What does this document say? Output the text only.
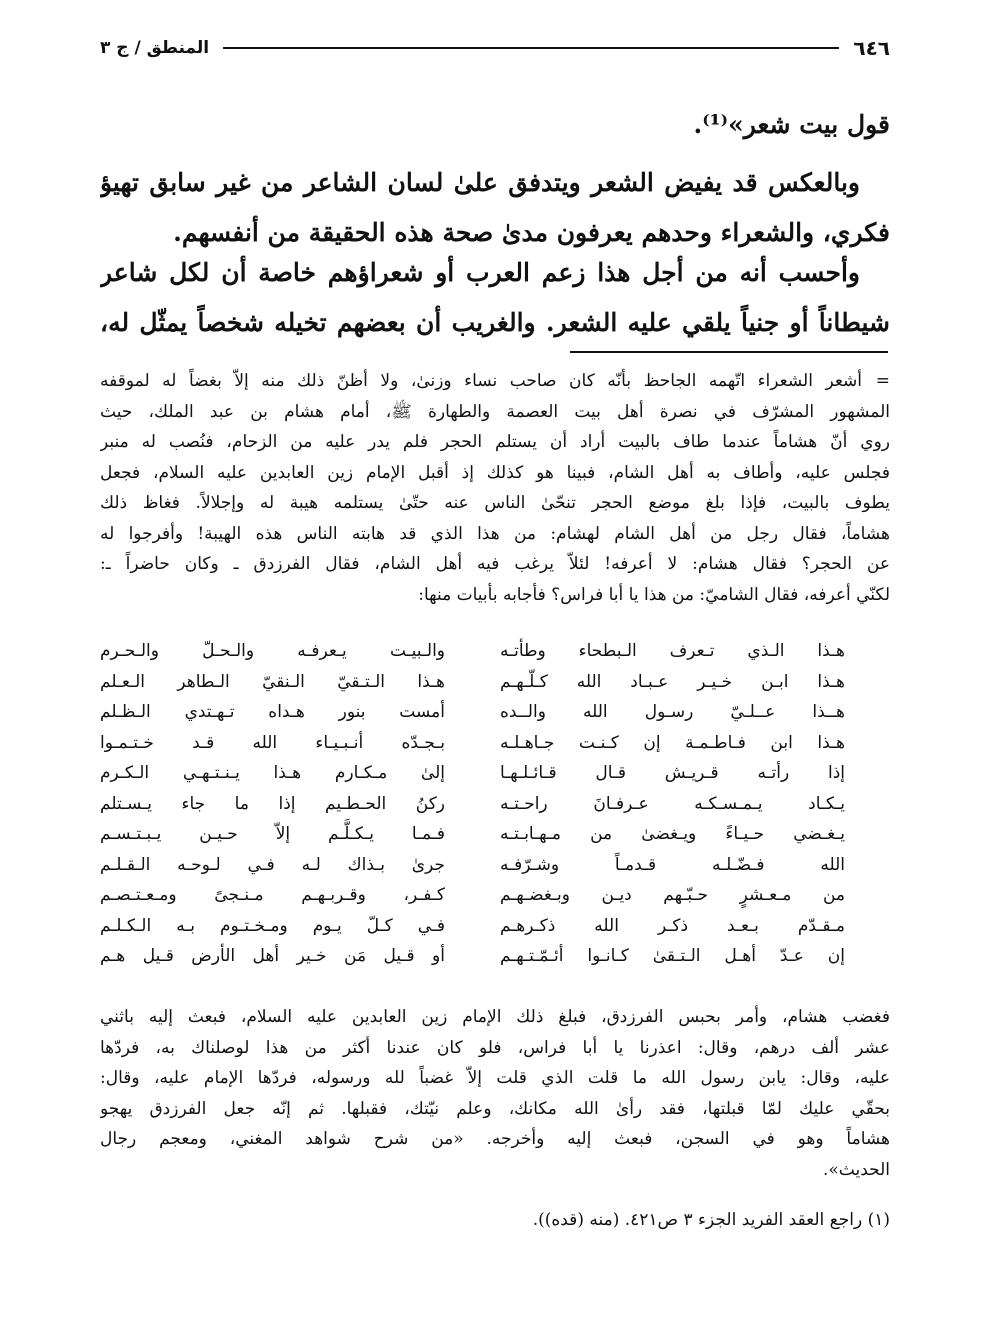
٦٤٦
المنطق / ج ٣
قول بيت شعر»⁽¹⁾.
وبالعكس قد يفيض الشعر ويتدفق علىٰ لسان الشاعر من غير سابق تهيؤ
فكري، والشعراء وحدهم يعرفون مدىٰ صحة هذه الحقيقة من أنفسهم.
وأحسب أنه من أجل هذا زعم العرب أو شعراؤهم خاصة أن لكل شاعر
شيطاناً أو جنياً يلقي عليه الشعر. والغريب أن بعضهم تخيله شخصاً يمثّل له،
=أشعر الشعراء اتّهمه الجاحظ بأنّه كان صاحب نساء وزنىٰ، ولا أظنّ ذلك منه إلاّ بغضاً له لموقفه
المشهور المشرّف في نصرة أهل بيت العصمة والطهارة ﷺ، أمام هشام بن عبد الملك، حيث
روي أنّ هشاماً عندما طاف بالبيت أراد أن يستلم الحجر فلم يدر عليه من الزحام، فنُصب له منبر
فجلس عليه، وأطاف به أهل الشام، فبينا هو كذلك إذ أقبل الإمام زين العابدين عليه السلام، فجعل
يطوف بالبيت، فإذا بلغ موضع الحجر تنحّىٰ الناس عنه حتّىٰ يستلمه هيبة له وإجلالاً. فغاظ ذلك
هشاماً، فقال رجل من أهل الشام لهشام: من هذا الذي قد هابته الناس هذه الهيبة! وأفرجوا له
عن الحجر؟ فقال هشام: لا أعرفه! لئلاّ يرغب فيه أهل الشام، فقال الفرزدق ـ وكان حاضراً ـ:
لكنّي أعرفه، فقال الشاميّ: من هذا يا أبا فراس؟ فأجابه بأبيات منها:
هـذا الـذي تـعرف الـبطحاء وطأتـه
والـبيـت يـعرفـه والـحـلّ والـحـرم
هـذا ابـن خـيـر عـبـاد الله كـلّـهـم
هـذا الـتـقيّ الـنقيّ الـطاهر الـعـلم
هــذا عــلـيّ رسـول الله والــده
أمست بنور هـداه تـهـتدي الـظـلم
هـذا ابن فـاطـمـة إن كـنـت جـاهـلـه
بـجـدّه أنـبـيـاء الله قـد خـتـمـوا
إذا رأتـه قـريـش قـال قـائـلـهـا
إلىٰ مـكـارم هـذا يـنـتـهـي الـكـرم
يـكـاد يـمـسـكـه عـرفـانَ راحـتـه
ركنُ الحـطـيم إذا ما جاء يـسـتلم
يـغـضي حـيـاءً ويـغضىٰ من مـهـابـتـه
فـمـا يـكـلَّـم إلاّ حـيـن يـبـتـسـم
الله فـضّـلـه قـدمـاً وشـرّفـه
جرىٰ بـذاك لـه فـي لـوحـه الـقـلـم
من مـعـشرٍ حـبّـهم ديـن وبـغضـهـم
كـفـر، وقـربـهـم مـنـجىً ومـعـتـصـم
مـقـدّم بـعـد ذكـر الله ذكـرهـم
فـي كـلّ يـوم ومـخـتـوم بـه الـكـلـم
إن عـدّ أهـل الـتـقىٰ كـانـوا أئـمّـتـهـم
أو قـيل مَن خـير أهل الأرض قـيل هـم
فغضب هشام، وأمر بحبس الفرزدق، فبلغ ذلك الإمام زين العابدين عليه السلام، فبعث إليه باثني
عشر ألف درهم، وقال: اعذرنا يا أبا فراس، فلو كان عندنا أكثر من هذا لوصلناك به، فردّها
عليه، وقال: يابن رسول الله ما قلت الذي قلت إلاّ غضباً لله ورسوله، فردّها الإمام عليه، وقال:
بحقّي عليك لمّا قبلتها، فقد رأىٰ الله مكانك، وعلم نيّتك، فقبلها. ثم إنّه جعل الفرزدق يهجو
هشاماً وهو في السجن، فبعث إليه وأخرجه. «من شرح شواهد المغني، ومعجم رجال
الحديث».
(١) راجع العقد الفريد الجزء ٣ ص٤٢١. (منه (قده)).
